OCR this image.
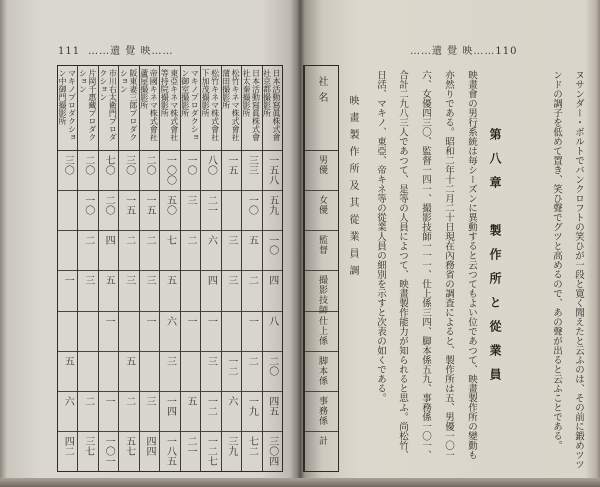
111 ……遺 覺 映……	……遺 覺 映……110
ヌサンダー・ボルトでバンクロフトの笑ひが一段と寛く聞えたと云ふのは、その前に鍛めツツ
ンドの調子を低めて置き、笑ひ聲でグツと高めるので、あの聲が出ると云ふことである。
第八章　製作所と從業員
映畫會の男行系統は毎シーズンに異動すると云つてもよい位であつて、映畫製作所の變動も
亦然りである。昭和二年十二月二十日現在內務省の調査によると、製作所は五、男優一〇一
六、女優四三〇、監督一四一、撮影技師一一一、仕上係三四、脚本係五九、事務係一〇一、
合計二九八三人であつて、是等の人員によつて、映畫製作能力が知られると思ふ。尚松竹、
日活、マキノ、東亞、帝キネ等の從業人員の細別を示すと次表の如くである。
映畫製作所及其從業員調
日本活動寫眞株式會社京都撮影所
一五八
五九
一〇
四
八
二〇
四五
三〇四
日本活動寫眞株式會社太秦撮影所
三三
一〇
五
二
一
二
一九
七二
松竹キネマ株式會社蒲田撮影所
一五
三
三
一二
六
三九
松竹キネマ株式會社下加茂撮影所
八〇
二一
六
四
一
三
一二
一二七
マキノプロダクション御室撮影所
一〇
三
二
一
五
二一
東亞キネマ株式會社等持院撮影所
一〇〇
五〇
七
五
六
三
一四
一八五
帝國キネマ株式會社蘆屋撮影所
二〇
一五
二
三
一
三
四四
阪東妻三郎プロダクション
三〇
一五
二
三
五
二
五七
市川右太衛門プロダクション
七〇
二〇
四
五
一
一
一〇一
片岡千惠藏プロダクション
二〇
一〇
二
三
二
三七
マキノプロダクション中御門撮影所
三〇
一
五
六
四二
社名
男優
女優
監督
撮影技師
仕上係
脚本係
事務係
計
